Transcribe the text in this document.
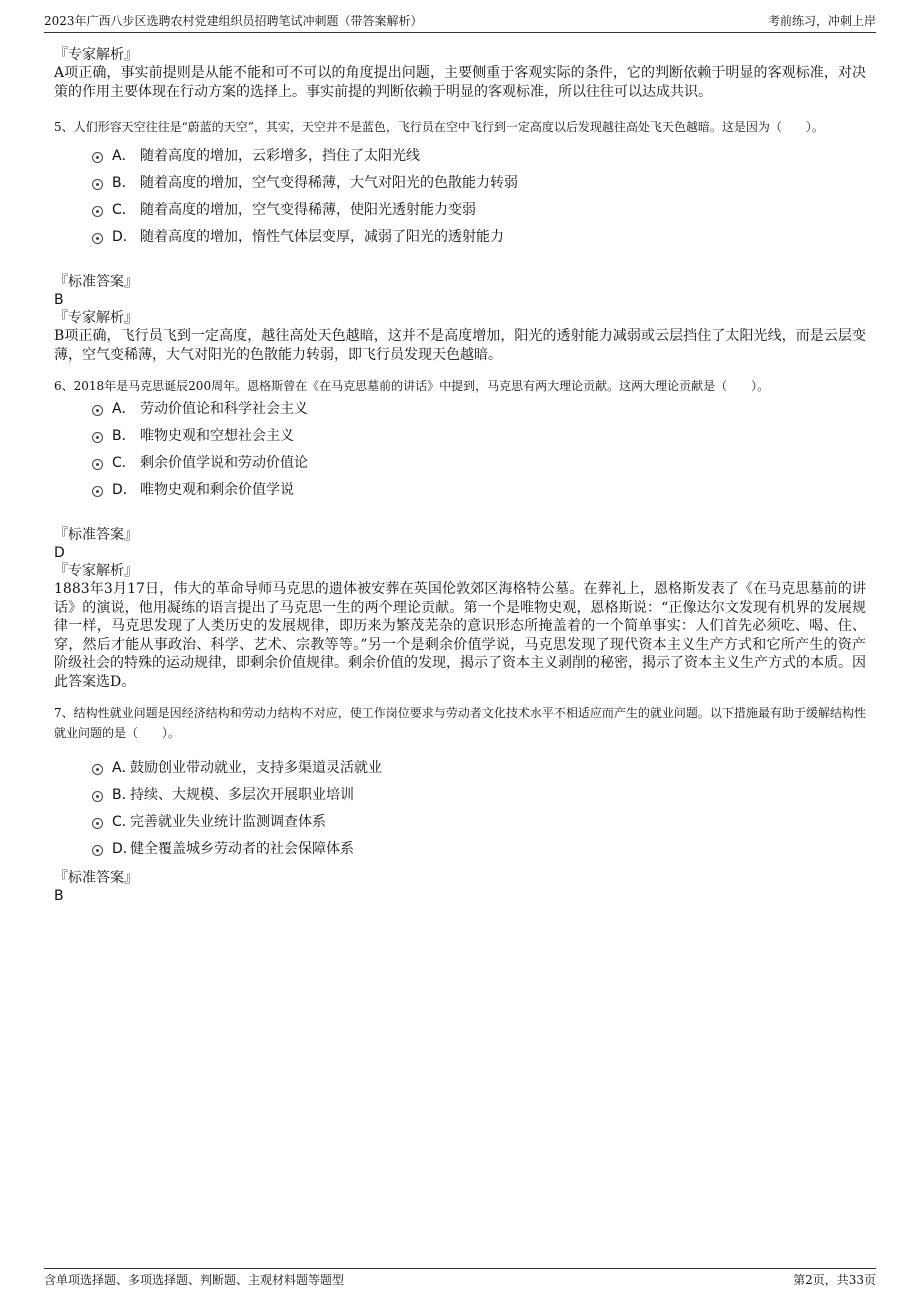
2023年广西八步区选聘农村党建组织员招聘笔试冲刺题（带答案解析）	考前练习，冲刺上岸

『专家解析』

A项正确，事实前提则是从能不能和可不可以的角度提出问题，主要侧重于客观实际的条件，它的判断依赖于明显的客观标准，对决策的作用主要体现在行动方案的选择上。事实前提的判断依赖于明显的客观标准，所以往往可以达成共识。

5、人们形容天空往往是“蔚蓝的天空”，其实，天空并不是蓝色，飞行员在空中飞行到一定高度以后发现越往高处飞天色越暗。这是因为（　　）。

A． 随着高度的增加，云彩增多，挡住了太阳光线
B． 随着高度的增加，空气变得稀薄，大气对阳光的色散能力转弱
C． 随着高度的增加，空气变得稀薄，使阳光透射能力变弱
D． 随着高度的增加，惰性气体层变厚，减弱了阳光的透射能力

『标准答案』

B

『专家解析』

B项正确，飞行员飞到一定高度，越往高处天色越暗，这并不是高度增加，阳光的透射能力减弱或云层挡住了太阳光线，而是云层变薄，空气变稀薄，大气对阳光的色散能力转弱，即飞行员发现天色越暗。

6、2018年是马克思诞辰200周年。恩格斯曾在《在马克思墓前的讲话》中提到，马克思有两大理论贡献。这两大理论贡献是（　　）。

A． 劳动价值论和科学社会主义
B． 唯物史观和空想社会主义
C． 剩余价值学说和劳动价值论
D． 唯物史观和剩余价值学说

『标准答案』

D

『专家解析』

1883年3月17日，伟大的革命导师马克思的遗体被安葬在英国伦敦郊区海格特公墓。在葬礼上，恩格斯发表了《在马克思墓前的讲话》的演说，他用凝练的语言提出了马克思一生的两个理论贡献。第一个是唯物史观，恩格斯说：“正像达尔文发现有机界的发展规律一样，马克思发现了人类历史的发展规律，即历来为繁茂芜杂的意识形态所掩盖着的一个简单事实：人们首先必须吃、喝、住、穿，然后才能从事政治、科学、艺术、宗教等等。”另一个是剩余价值学说，马克思发现了现代资本主义生产方式和它所产生的资产阶级社会的特殊的运动规律，即剩余价值规律。剩余价值的发现，揭示了资本主义剥削的秘密，揭示了资本主义生产方式的本质。因此答案选D。

7、结构性就业问题是因经济结构和劳动力结构不对应，使工作岗位要求与劳动者文化技术水平不相适应而产生的就业问题。以下措施最有助于缓解结构性就业问题的是（　　）。

A．
鼓励创业带动就业，支持多渠道灵活就业
B．
持续、大规模、多层次开展职业培训
C．
完善就业失业统计监测调查体系
D．
健全覆盖城乡劳动者的社会保障体系

『标准答案』

B

含单项选择题、多项选择题、判断题、主观材料题等题型	第2页，共33页
